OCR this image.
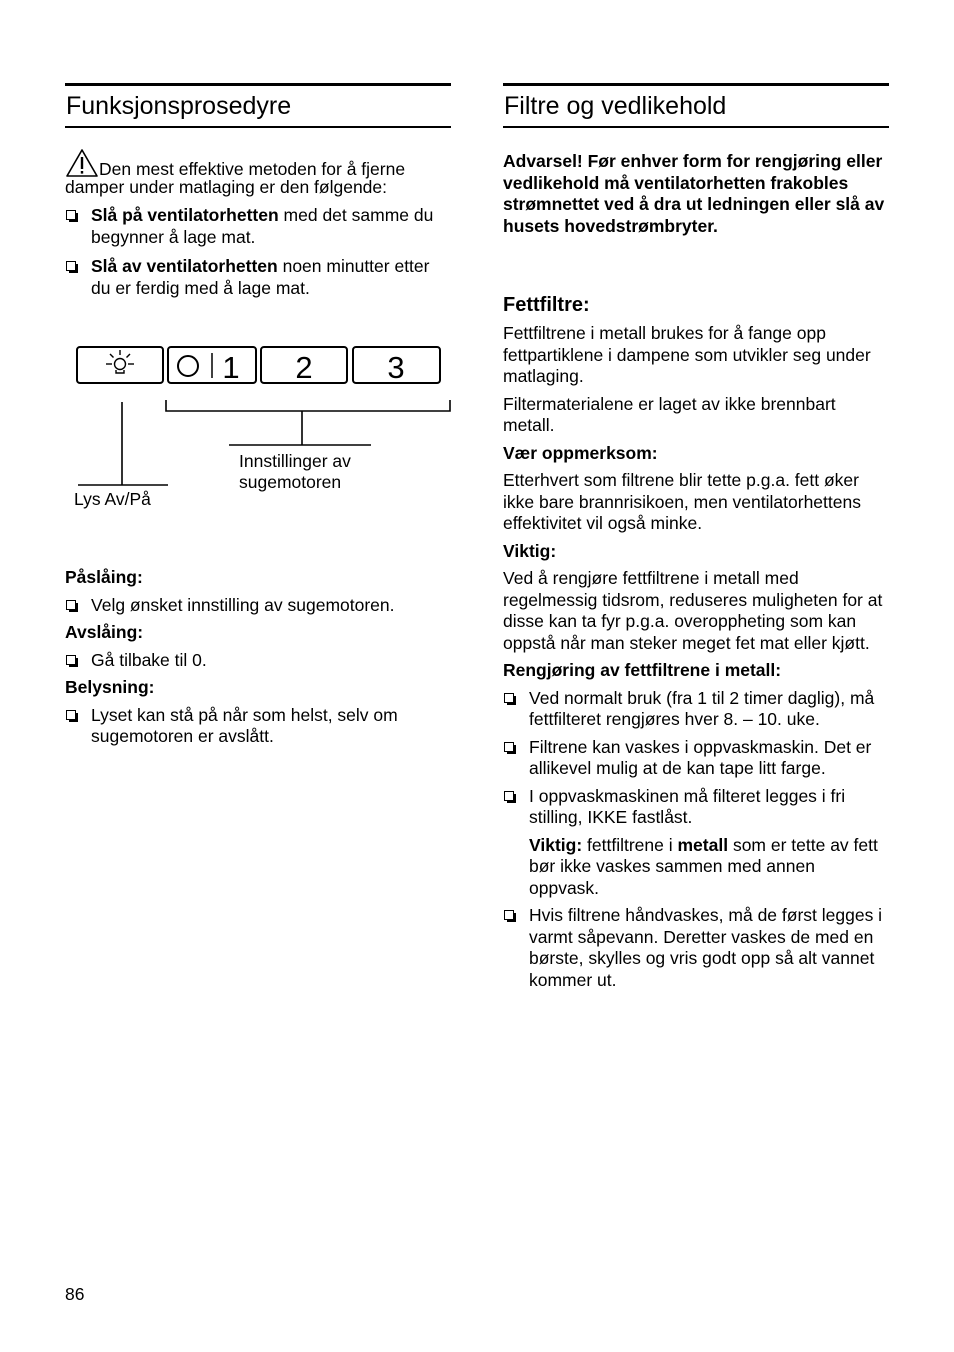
Funksjonsprosedyre

Den mest effektive metoden for å fjerne damper under matlaging er den følgende:

Slå på ventilatorhetten med det samme du begynner å lage mat.
Slå av ventilatorhetten noen minutter etter du er ferdig med å lage mat.
1 2 3
Innstillinger av sugemotoren
Lys Av/På

Påslåing:

Velg ønsket innstilling av sugemotoren.

Avslåing:

Gå tilbake til 0.

Belysning:

Lyset kan stå på når som helst, selv om sugemotoren er avslått.
Filtre og vedlikehold

Advarsel! Før enhver form for rengjøring eller vedlikehold må ventilatorhetten frakobles strømnettet ved å dra ut ledningen eller slå av husets hovedstrømbryter.

Fettfiltre:

Fettfiltrene i metall brukes for å fange opp fettpartiklene i dampene som utvikler seg under matlaging.

Filtermaterialene er laget av ikke brennbart metall.

Vær oppmerksom:

Etterhvert som filtrene blir tette p.g.a. fett øker ikke bare brannrisikoen, men ventilatorhettens effektivitet vil også minke.

Viktig:

Ved å rengjøre fettfiltrene i metall med regelmessig tidsrom, reduseres muligheten for at disse kan ta fyr p.g.a. overoppheting som kan oppstå når man steker meget fet mat eller kjøtt.

Rengjøring av fettfiltrene i metall:

Ved normalt bruk (fra 1 til 2 timer daglig), må fettfilteret rengjøres hver 8. – 10. uke.
Filtrene kan vaskes i oppvaskmaskin. Det er allikevel mulig at de kan tape litt farge.
I oppvaskmaskinen må filteret legges i fri stilling, IKKE fastlåst.

Viktig: fettfiltrene i metall som er tette av fett bør ikke vaskes sammen med annen oppvask.

Hvis filtrene håndvaskes, må de først legges i varmt såpevann. Deretter vaskes de med en børste, skylles og vris godt opp så alt vannet kommer ut.
86
